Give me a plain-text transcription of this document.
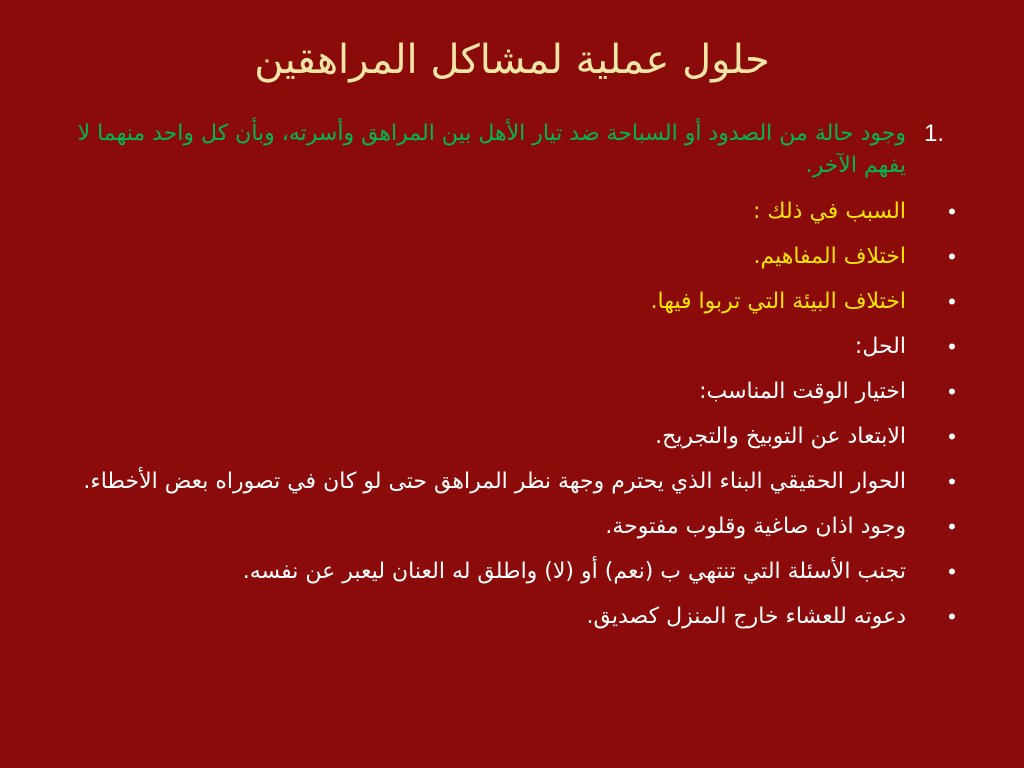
حلول عملية لمشاكل المراهقين
1.
وجود حالة من الصدود أو السباحة ضد تيار الأهل بين المراهق وأسرته، وبأن كل واحد منهما لا يفهم الآخر.
•
السبب في ذلك :
•
اختلاف المفاهيم.
•
اختلاف البيئة التي تربوا فيها.
•
الحل:
•
اختيار الوقت المناسب:
•
الابتعاد عن التوبيخ والتجريح.
•
الحوار الحقيقي البناء الذي يحترم وجهة نظر المراهق حتى لو كان في تصوراه بعض الأخطاء.
•
وجود اذان صاغية وقلوب مفتوحة.
•
تجنب الأسئلة التي تنتهي ب (نعم) أو (لا) واطلق له العنان ليعبر عن نفسه.
•
دعوته للعشاء خارج المنزل كصديق.
